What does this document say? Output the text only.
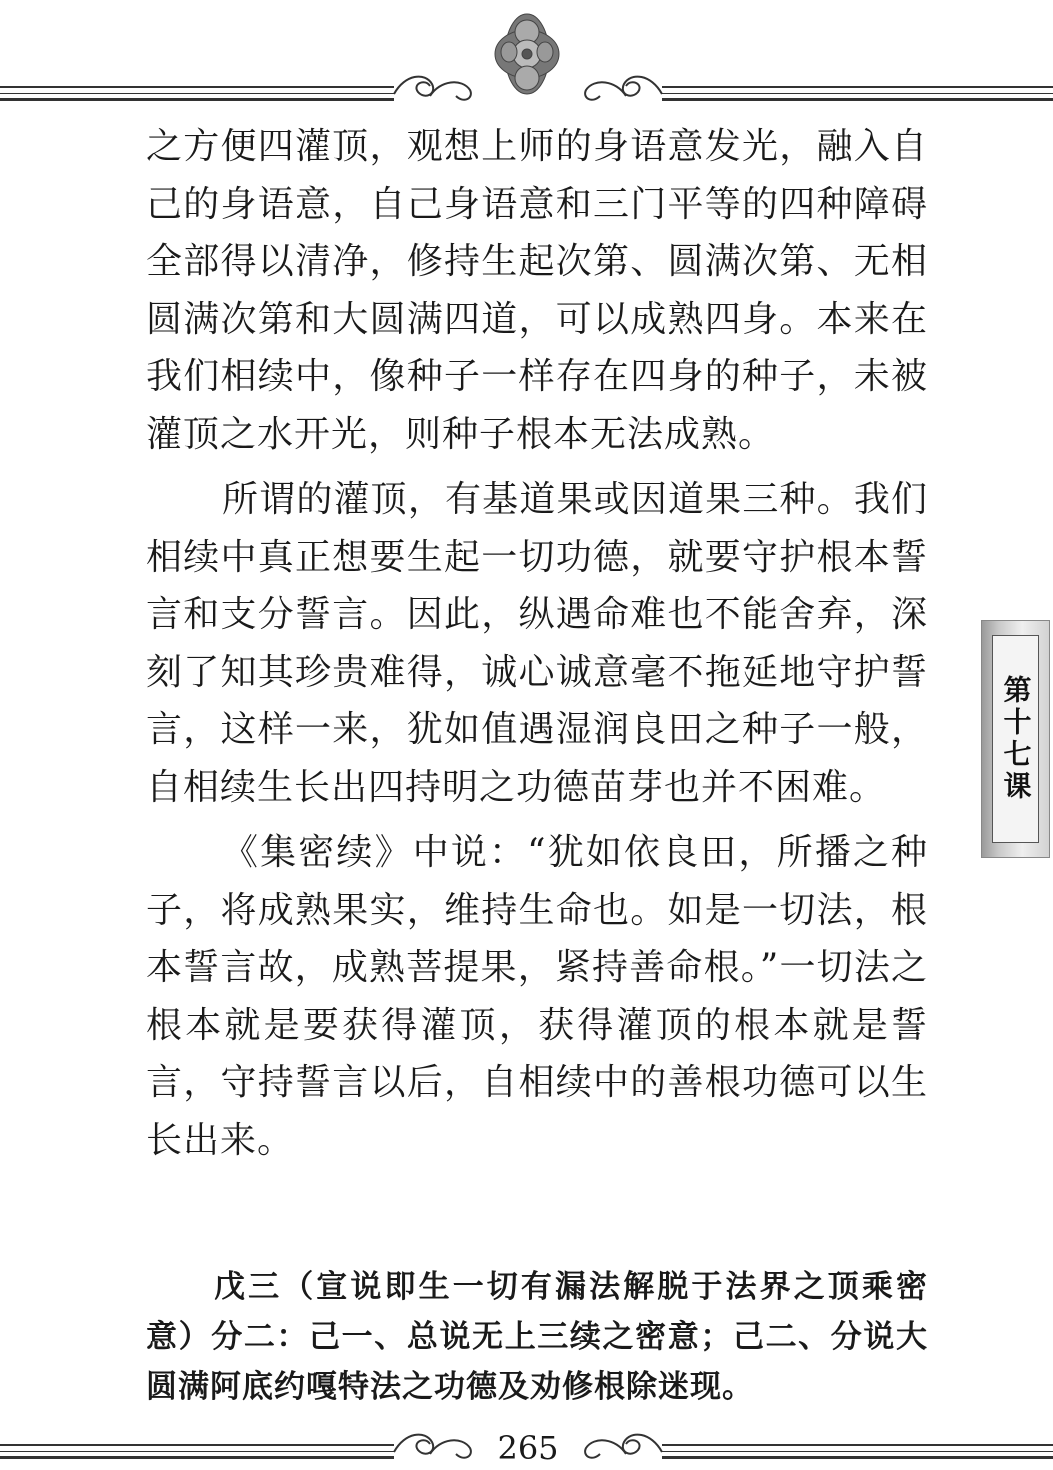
之方便四灌顶，观想上师的身语意发光，融入自己的身语意，自己身语意和三门平等的四种障碍全部得以清净，修持生起次第、圆满次第、无相圆满次第和大圆满四道，可以成熟四身。本来在我们相续中，像种子一样存在四身的种子，未被灌顶之水开光，则种子根本无法成熟。

所谓的灌顶，有基道果或因道果三种。我们相续中真正想要生起一切功德，就要守护根本誓言和支分誓言。因此，纵遇命难也不能舍弃，深刻了知其珍贵难得，诚心诚意毫不拖延地守护誓言，这样一来，犹如值遇湿润良田之种子一般，自相续生长出四持明之功德苗芽也并不困难。

《集密续》中说：“犹如依良田，所播之种子，将成熟果实，维持生命也。如是一切法，根本誓言故，成熟菩提果，紧持善命根。”一切法之根本就是要获得灌顶，获得灌顶的根本就是誓言，守持誓言以后，自相续中的善根功德可以生长出来。

戊三（宣说即生一切有漏法解脱于法界之顶乘密意）分二：己一、总说无上三续之密意；己二、分说大圆满阿底约嘎特法之功德及劝修根除迷现。

第十七课
265
